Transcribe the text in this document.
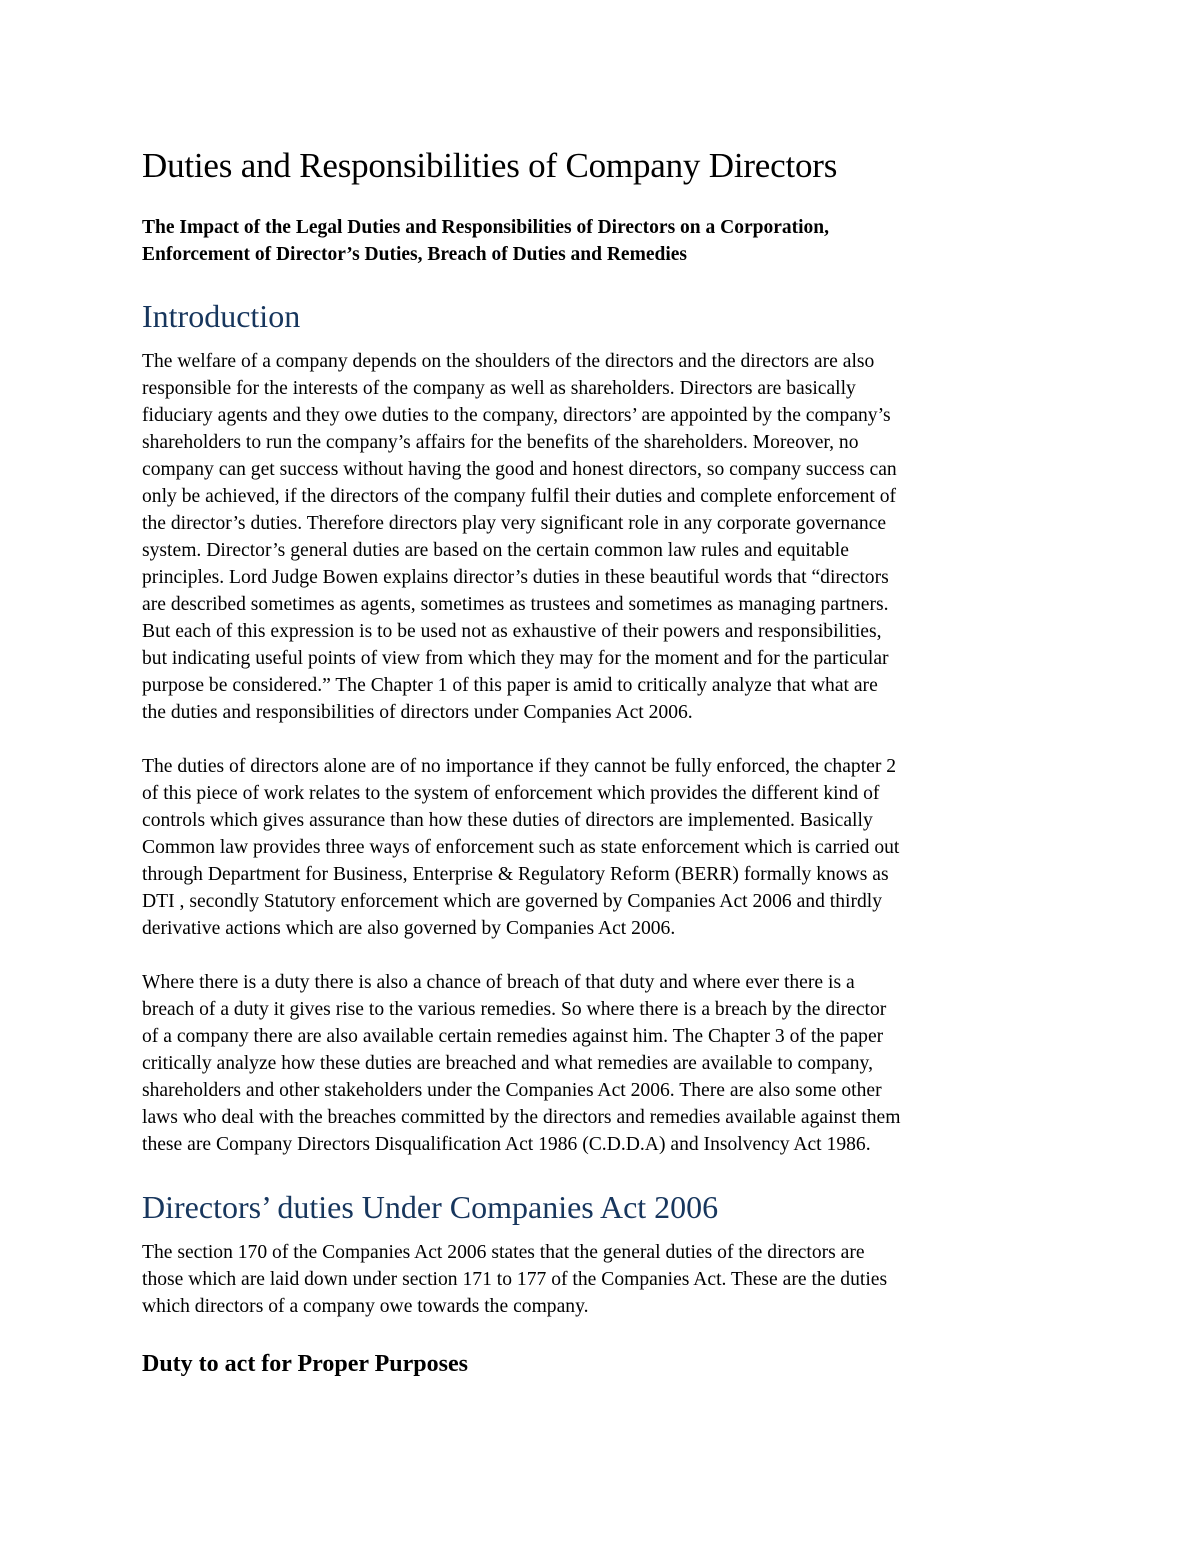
Duties and Responsibilities of Company Directors
The Impact of the Legal Duties and Responsibilities of Directors on a Corporation,
Enforcement of Director’s Duties, Breach of Duties and Remedies
Introduction
The welfare of a company depends on the shoulders of the directors and the directors are also
responsible for the interests of the company as well as shareholders. Directors are basically
fiduciary agents and they owe duties to the company, directors’ are appointed by the company’s
shareholders to run the company’s affairs for the benefits of the shareholders. Moreover, no
company can get success without having the good and honest directors, so company success can
only be achieved, if the directors of the company fulfil their duties and complete enforcement of
the director’s duties. Therefore directors play very significant role in any corporate governance
system. Director’s general duties are based on the certain common law rules and equitable
principles. Lord Judge Bowen explains director’s duties in these beautiful words that “directors
are described sometimes as agents, sometimes as trustees and sometimes as managing partners.
But each of this expression is to be used not as exhaustive of their powers and responsibilities,
but indicating useful points of view from which they may for the moment and for the particular
purpose be considered.” The Chapter 1 of this paper is amid to critically analyze that what are
the duties and responsibilities of directors under Companies Act 2006.
The duties of directors alone are of no importance if they cannot be fully enforced, the chapter 2
of this piece of work relates to the system of enforcement which provides the different kind of
controls which gives assurance than how these duties of directors are implemented. Basically
Common law provides three ways of enforcement such as state enforcement which is carried out
through Department for Business, Enterprise & Regulatory Reform (BERR) formally knows as
DTI , secondly Statutory enforcement which are governed by Companies Act 2006 and thirdly
derivative actions which are also governed by Companies Act 2006.
Where there is a duty there is also a chance of breach of that duty and where ever there is a
breach of a duty it gives rise to the various remedies. So where there is a breach by the director
of a company there are also available certain remedies against him. The Chapter 3 of the paper
critically analyze how these duties are breached and what remedies are available to company,
shareholders and other stakeholders under the Companies Act 2006. There are also some other
laws who deal with the breaches committed by the directors and remedies available against them
these are Company Directors Disqualification Act 1986 (C.D.D.A) and Insolvency Act 1986.
Directors’ duties Under Companies Act 2006
The section 170 of the Companies Act 2006 states that the general duties of the directors are
those which are laid down under section 171 to 177 of the Companies Act. These are the duties
which directors of a company owe towards the company.
Duty to act for Proper Purposes
